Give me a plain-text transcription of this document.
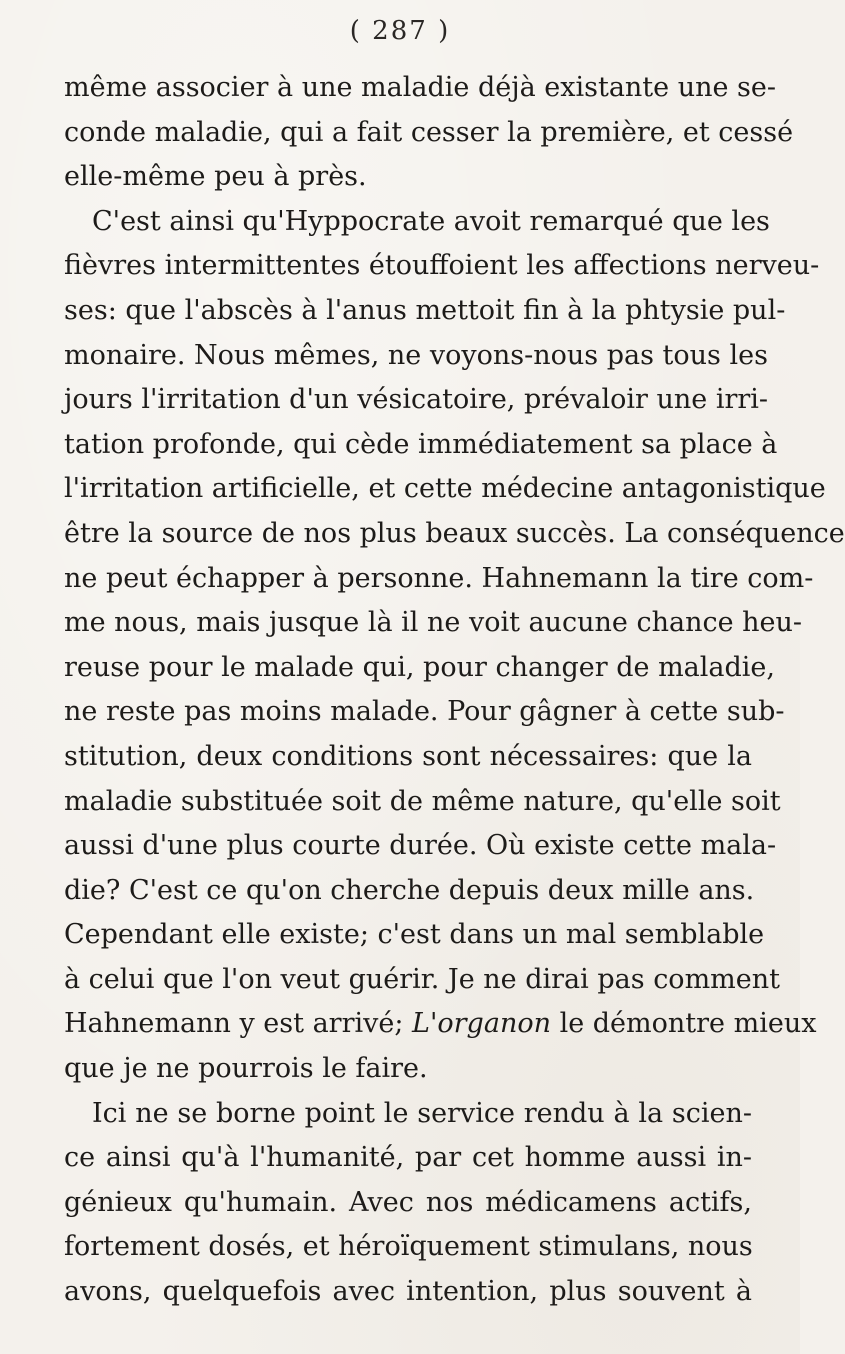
( 287 )
même associer à une maladie déjà existante une se-
conde maladie, qui a fait cesser la première, et cessé
elle-même peu à près.
C'est ainsi qu'Hyppocrate avoit remarqué que les
fièvres intermittentes étouffoient les affections nerveu-
ses: que l'abscès à l'anus mettoit fin à la phtysie pul-
monaire. Nous mêmes, ne voyons-nous pas tous les
jours l'irritation d'un vésicatoire, prévaloir une irri-
tation profonde, qui cède immédiatement sa place à
l'irritation artificielle, et cette médecine antagonistique
être la source de nos plus beaux succès. La conséquence
ne peut échapper à personne. Hahnemann la tire com-
me nous, mais jusque là il ne voit aucune chance heu-
reuse pour le malade qui, pour changer de maladie,
ne reste pas moins malade. Pour gâgner à cette sub-
stitution, deux conditions sont nécessaires: que la
maladie substituée soit de même nature, qu'elle soit
aussi d'une plus courte durée. Où existe cette mala-
die? C'est ce qu'on cherche depuis deux mille ans.
Cependant elle existe; c'est dans un mal semblable
à celui que l'on veut guérir. Je ne dirai pas comment
Hahnemann y est arrivé; L'organon le démontre mieux
que je ne pourrois le faire.
Ici ne se borne point le service rendu à la scien-
ce ainsi qu'à l'humanité, par cet homme aussi in-
génieux qu'humain. Avec nos médicamens actifs,
fortement dosés, et héroïquement stimulans, nous
avons, quelquefois avec intention, plus souvent à
